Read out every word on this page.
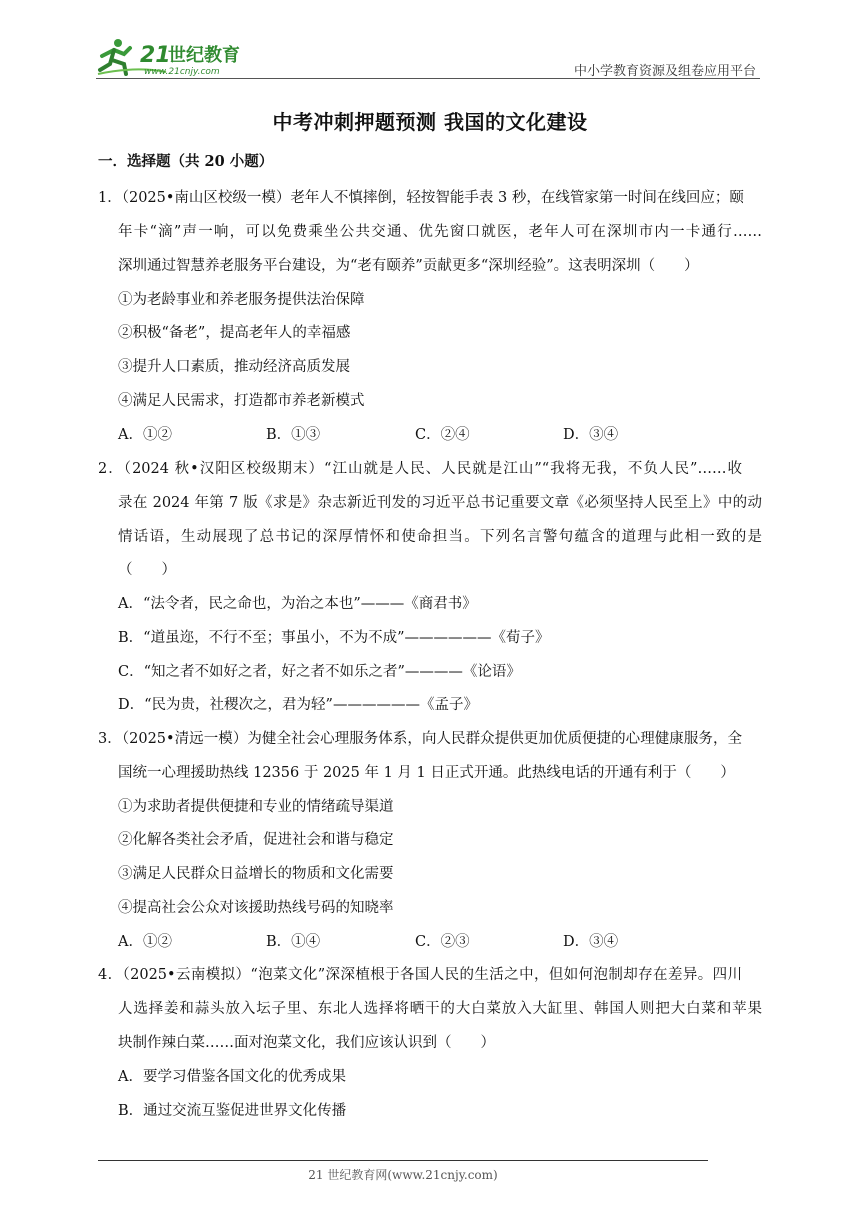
21
世纪教育
www.21cnjy.com	中小学教育资源及组卷应用平台
中考冲刺押题预测 我国的文化建设
一．选择题（共 20 小题）
1．（2025•南山区校级一模）老年人不慎摔倒，轻按智能手表 3 秒，在线管家第一时间在线回应；颐
年卡“滴”声一响，可以免费乘坐公共交通、优先窗口就医，老年人可在深圳市内一卡通行……
深圳通过智慧养老服务平台建设，为“老有颐养”贡献更多“深圳经验”。这表明深圳（　　）
①为老龄事业和养老服务提供法治保障
②积极“备老”，提高老年人的幸福感
③提升人口素质，推动经济高质发展
④满足人民需求，打造都市养老新模式
A．①②	B．①③	C．②④	D．③④
2．（2024 秋•汉阳区校级期末）“江山就是人民、人民就是江山”“我将无我，不负人民”……收
录在 2024 年第 7 版《求是》杂志新近刊发的习近平总书记重要文章《必须坚持人民至上》中的动
情话语，生动展现了总书记的深厚情怀和使命担当。下列名言警句蕴含的道理与此相一致的是
（　　）
A．“法令者，民之命也，为治之本也”———《商君书》
B．“道虽迩，不行不至；事虽小，不为不成”——————《荀子》
C．“知之者不如好之者，好之者不如乐之者”————《论语》
D．“民为贵，社稷次之，君为轻”——————《孟子》
3．（2025•清远一模）为健全社会心理服务体系，向人民群众提供更加优质便捷的心理健康服务，全
国统一心理援助热线 12356 于 2025 年 1 月 1 日正式开通。此热线电话的开通有利于（　　）
①为求助者提供便捷和专业的情绪疏导渠道
②化解各类社会矛盾，促进社会和谐与稳定
③满足人民群众日益增长的物质和文化需要
④提高社会公众对该援助热线号码的知晓率
A．①②	B．①④	C．②③	D．③④
4．（2025•云南模拟）“泡菜文化”深深植根于各国人民的生活之中，但如何泡制却存在差异。四川
人选择姜和蒜头放入坛子里、东北人选择将晒干的大白菜放入大缸里、韩国人则把大白菜和苹果
块制作辣白菜……面对泡菜文化，我们应该认识到（　　）
A．要学习借鉴各国文化的优秀成果
B．通过交流互鉴促进世界文化传播
21 世纪教育网(www.21cnjy.com)
